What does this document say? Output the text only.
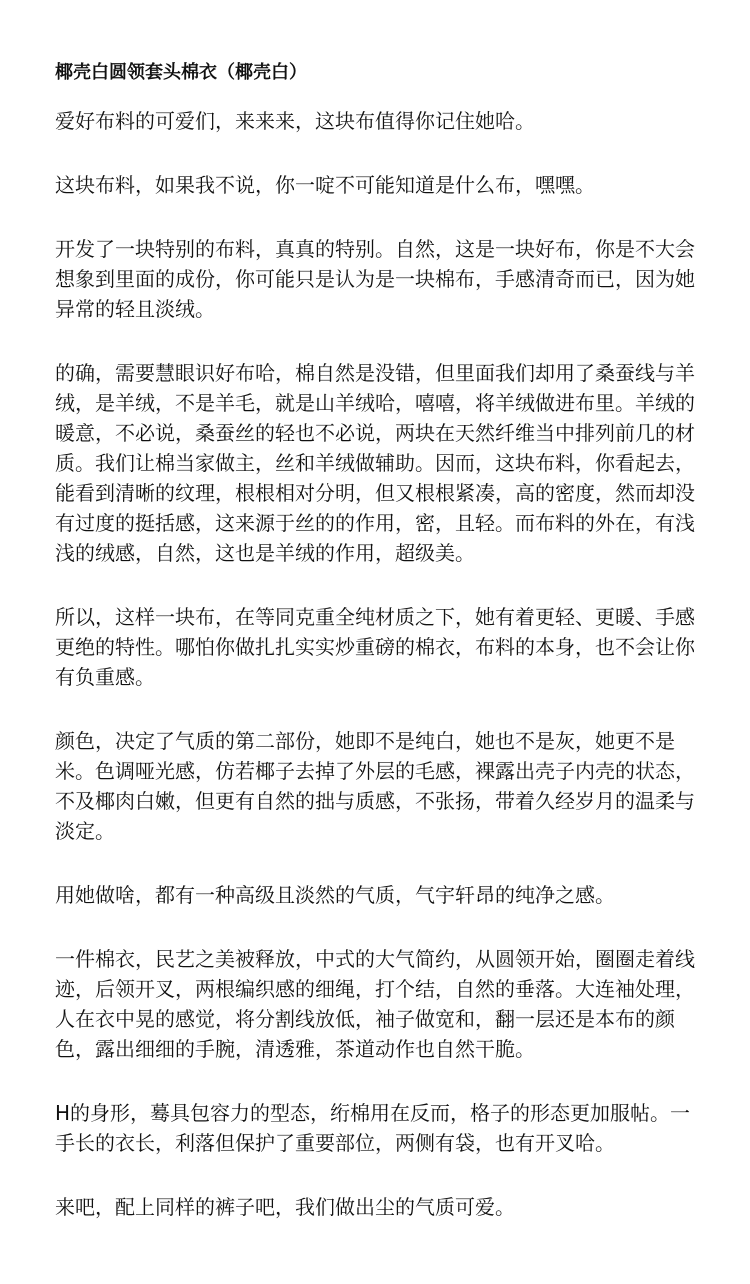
椰壳白圆领套头棉衣（椰壳白）

爱好布料的可爱们，来来来，这块布值得你记住她哈。

这块布料，如果我不说，你一啶不可能知道是什么布，嘿嘿。

开发了一块特别的布料，真真的特别。自然，这是一块好布，你是不大会想象到里面的成份，你可能只是认为是一块棉布，手感清奇而已，因为她异常的轻且淡绒。

的确，需要慧眼识好布哈，棉自然是没错，但里面我们却用了桑蚕线与羊绒，是羊绒，不是羊毛，就是山羊绒哈，嘻嘻，将羊绒做进布里。羊绒的暖意，不必说，桑蚕丝的轻也不必说，两块在天然纤维当中排列前几的材质。我们让棉当家做主，丝和羊绒做辅助。因而，这块布料，你看起去，能看到清晰的纹理，根根相对分明，但又根根紧凑，高的密度，然而却没有过度的挺括感，这来源于丝的的作用，密，且轻。而布料的外在，有浅浅的绒感，自然，这也是羊绒的作用，超级美。

所以，这样一块布，在等同克重全纯材质之下，她有着更轻、更暖、手感更绝的特性。哪怕你做扎扎实实炒重磅的棉衣，布料的本身，也不会让你有负重感。

颜色，决定了气质的第二部份，她即不是纯白，她也不是灰，她更不是米。色调哑光感，仿若椰子去掉了外层的毛感，裸露出壳子内壳的状态，不及椰肉白嫩，但更有自然的拙与质感，不张扬，带着久经岁月的温柔与淡定。

用她做啥，都有一种高级且淡然的气质，气宇轩昂的纯净之感。

一件棉衣，民艺之美被释放，中式的大气简约，从圆领开始，圈圈走着线迹，后领开叉，两根编织感的细绳，打个结，自然的垂落。大连袖处理，人在衣中晃的感觉，将分割线放低，袖子做宽和，翻一层还是本布的颜色，露出细细的手腕，清透雅，茶道动作也自然干脆。

H的身形，蓦具包容力的型态，绗棉用在反而，格子的形态更加服帖。一手长的衣长，利落但保护了重要部位，两侧有袋，也有开叉哈。

来吧，配上同样的裤子吧，我们做出尘的气质可爱。
